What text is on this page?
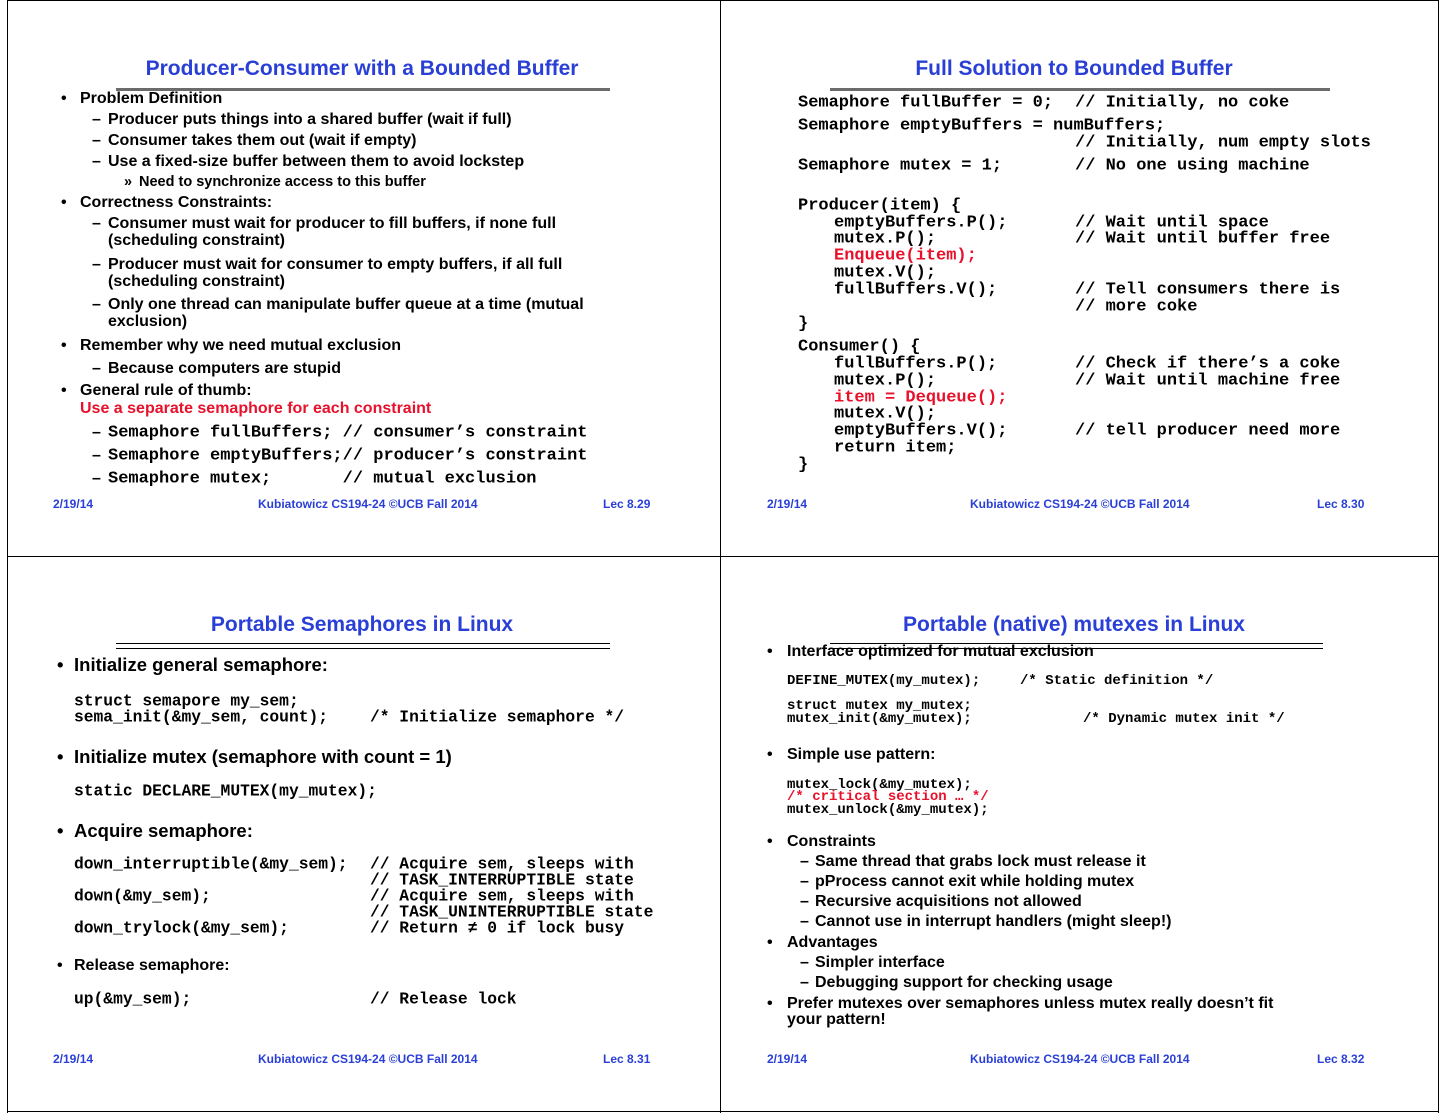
Producer-Consumer with a Bounded Buffer
• Problem Definition
– Producer puts things into a shared buffer (wait if full)
– Consumer takes them out (wait if empty)
– Use a fixed-size buffer between them to avoid lockstep
» Need to synchronize access to this buffer
• Correctness Constraints:
– Consumer must wait for producer to fill buffers, if none full
(scheduling constraint)
– Producer must wait for consumer to empty buffers, if all full
(scheduling constraint)
– Only one thread can manipulate buffer queue at a time (mutual
exclusion)
• Remember why we need mutual exclusion
– Because computers are stupid
• General rule of thumb:
Use a separate semaphore for each constraint
– Semaphore fullBuffers; // consumer’s constraint
– Semaphore emptyBuffers;// producer’s constraint
– Semaphore mutex;       // mutual exclusion
2/19/14	Kubiatowicz CS194-24 ©UCB Fall 2014	Lec 8.29
Full Solution to Bounded Buffer
Semaphore fullBuffer = 0; // Initially, no coke
Semaphore emptyBuffers = numBuffers;
// Initially, num empty slots
Semaphore mutex = 1;	// No one using machine
Producer(item) {
emptyBuffers.P();	// Wait until space
mutex.P();	// Wait until buffer free
Enqueue(item);
mutex.V();
fullBuffers.V();	// Tell consumers there is
// more coke
}
Consumer() {
fullBuffers.P();	// Check if there’s a coke
mutex.P();	// Wait until machine free
item = Dequeue();
mutex.V();
emptyBuffers.V();	// tell producer need more
return item;
}
2/19/14	Kubiatowicz CS194-24 ©UCB Fall 2014	Lec 8.30
Portable Semaphores in Linux
• Initialize general semaphore:
struct semapore my_sem;
sema_init(&my_sem, count);	/* Initialize semaphore */
• Initialize mutex (semaphore with count = 1)
static DECLARE_MUTEX(my_mutex);
• Acquire semaphore:
down_interruptible(&my_sem); // Acquire sem, sleeps with
// TASK_INTERRUPTIBLE state
down(&my_sem);	// Acquire sem, sleeps with
// TASK_UNINTERRUPTIBLE state
down_trylock(&my_sem);	// Return ≠ 0 if lock busy
• Release semaphore:
up(&my_sem);	// Release lock
2/19/14	Kubiatowicz CS194-24 ©UCB Fall 2014	Lec 8.31
Portable (native) mutexes in Linux
• Interface optimized for mutual exclusion
DEFINE_MUTEX(my_mutex);	/* Static definition */
struct mutex my_mutex;
mutex_init(&my_mutex);	/* Dynamic mutex init */
• Simple use pattern:
mutex_lock(&my_mutex);
/* critical section … */
mutex_unlock(&my_mutex);
• Constraints
– Same thread that grabs lock must release it
– pProcess cannot exit while holding mutex
– Recursive acquisitions not allowed
– Cannot use in interrupt handlers (might sleep!)
• Advantages
– Simpler interface
– Debugging support for checking usage
• Prefer mutexes over semaphores unless mutex really doesn’t fit
your pattern!
2/19/14	Kubiatowicz CS194-24 ©UCB Fall 2014	Lec 8.32
